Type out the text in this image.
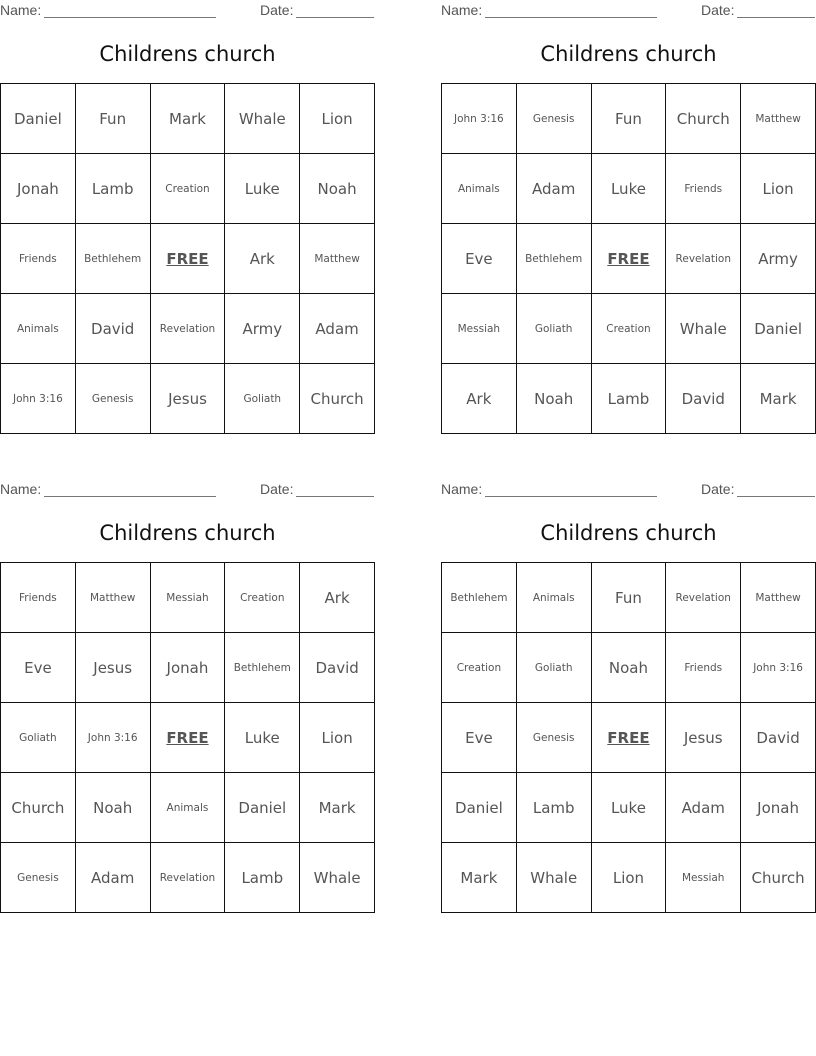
Name:	Date:
Childrens church
Daniel	Fun	Mark	Whale	Lion
Jonah	Lamb	Creation	Luke	Noah
Friends	Bethlehem	FREE	Ark	Matthew
Animals	David	Revelation	Army	Adam
John 3:16	Genesis	Jesus	Goliath	Church
Name:	Date:
Childrens church
John 3:16	Genesis	Fun	Church	Matthew
Animals	Adam	Luke	Friends	Lion
Eve	Bethlehem	FREE	Revelation	Army
Messiah	Goliath	Creation	Whale	Daniel
Ark	Noah	Lamb	David	Mark
Name:	Date:
Childrens church
Friends	Matthew	Messiah	Creation	Ark
Eve	Jesus	Jonah	Bethlehem	David
Goliath	John 3:16	FREE	Luke	Lion
Church	Noah	Animals	Daniel	Mark
Genesis	Adam	Revelation	Lamb	Whale
Name:	Date:
Childrens church
Bethlehem	Animals	Fun	Revelation	Matthew
Creation	Goliath	Noah	Friends	John 3:16
Eve	Genesis	FREE	Jesus	David
Daniel	Lamb	Luke	Adam	Jonah
Mark	Whale	Lion	Messiah	Church
